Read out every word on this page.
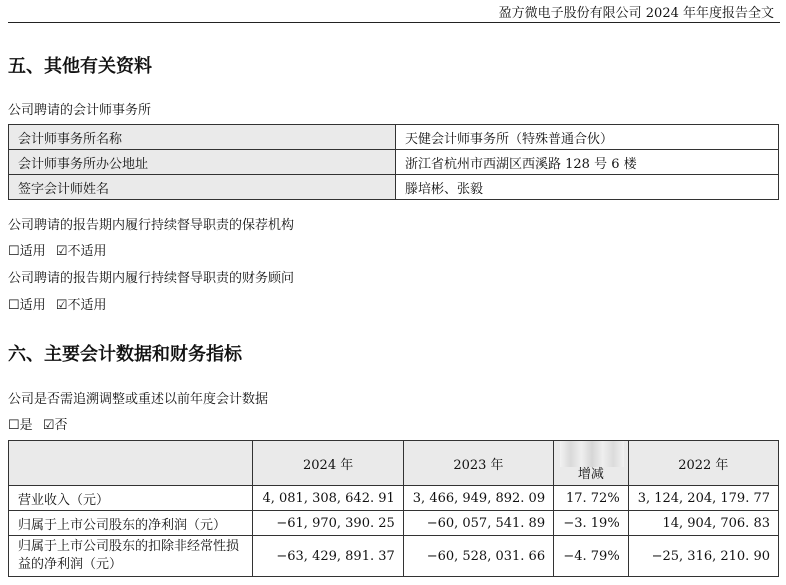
盈方微电子股份有限公司 2024 年年度报告全文
五、其他有关资料
公司聘请的会计师事务所
会计师事务所名称	天健会计师事务所（特殊普通合伙）
会计师事务所办公地址	浙江省杭州市西湖区西溪路 128 号 6 楼
签字会计师姓名	滕培彬、张毅
公司聘请的报告期内履行持续督导职责的保荐机构
☐适用 ☑不适用
公司聘请的报告期内履行持续督导职责的财务顾问
☐适用 ☑不适用
六、主要会计数据和财务指标
公司是否需追溯调整或重述以前年度会计数据
☐是 ☑否
	2024 年	2023 年	增减	2022 年
营业收入（元）	4, 081, 308, 642. 91	3, 466, 949, 892. 09	17. 72%	3, 124, 204, 179. 77
归属于上市公司股东的净利润（元）	−61, 970, 390. 25	−60, 057, 541. 89	−3. 19%	14, 904, 706. 83
归属于上市公司股东的扣除非经常性损益的净利润（元）	−63, 429, 891. 37	−60, 528, 031. 66	−4. 79%	−25, 316, 210. 90
